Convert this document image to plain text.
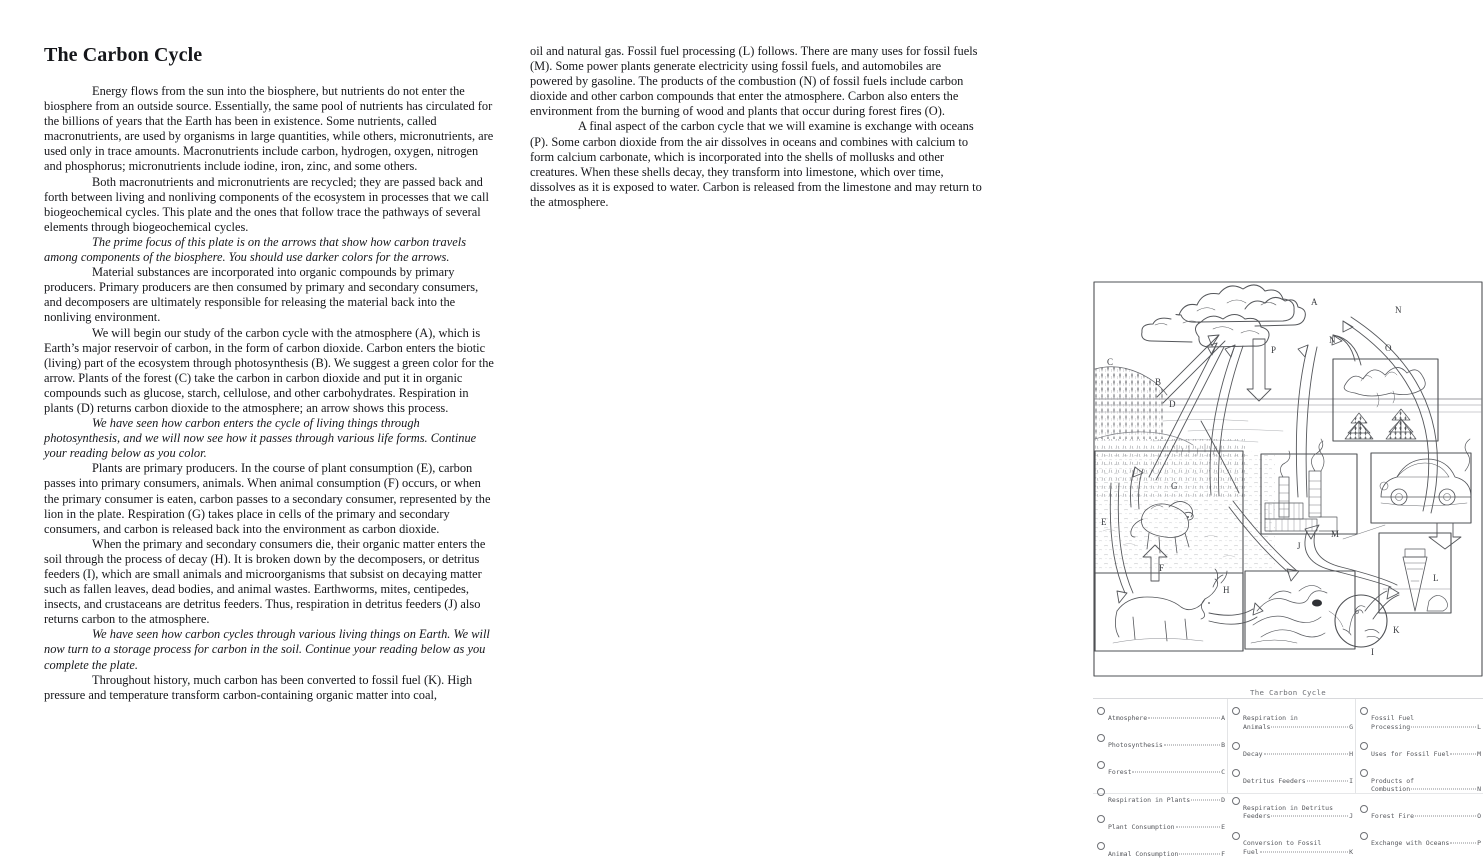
The Carbon Cycle

Energy flows from the sun into the biosphere, but nutrients do not enter the biosphere from an outside source. Essentially, the same pool of nutrients has circulated for the billions of years that the Earth has been in existence. Some nutrients, called macronutrients, are used by organisms in large quantities, while others, micronutrients, are used only in trace amounts. Macronutrients include carbon, hydrogen, oxygen, nitrogen and phosphorus; micronutrients include iodine, iron, zinc, and some others.

Both macronutrients and micronutrients are recycled; they are passed back and forth between living and nonliving components of the ecosystem in processes that we call biogeochemical cycles. This plate and the ones that follow trace the pathways of several elements through biogeochemical cycles.

The prime focus of this plate is on the arrows that show how carbon travels among components of the biosphere. You should use darker colors for the arrows.

Material substances are incorporated into organic compounds by primary producers. Primary producers are then consumed by primary and secondary consumers, and decomposers are ultimately responsible for releasing the material back into the nonliving environment.

We will begin our study of the carbon cycle with the atmosphere (A), which is Earth’s major reservoir of carbon, in the form of carbon dioxide. Carbon enters the biotic (living) part of the ecosystem through photosynthesis (B). We suggest a green color for the arrow. Plants of the forest (C) take the carbon in carbon dioxide and put it in organic compounds such as glucose, starch, cellulose, and other carbohydrates. Respiration in plants (D) returns carbon dioxide to the atmosphere; an arrow shows this process.

We have seen how carbon enters the cycle of living things through photosynthesis, and we will now see how it passes through various life forms. Continue your reading below as you color.

Plants are primary producers. In the course of plant consumption (E), carbon passes into primary consumers, animals. When animal consumption (F) occurs, or when the primary consumer is eaten, carbon passes to a secondary consumer, represented by the lion in the plate. Respiration (G) takes place in cells of the primary and secondary consumers, and carbon is released back into the environment as carbon dioxide.

When the primary and secondary consumers die, their organic matter enters the soil through the process of decay (H). It is broken down by the decomposers, or detritus feeders (I), which are small animals and microorganisms that subsist on decaying matter such as fallen leaves, dead bodies, and animal wastes. Earthworms, mites, centipedes, insects, and crustaceans are detritus feeders. Thus, respiration in detritus feeders (J) also returns carbon to the atmosphere.

We have seen how carbon cycles through various living things on Earth. We will now turn to a storage process for carbon in the soil. Continue your reading below as you complete the plate.

Throughout history, much carbon has been converted to fossil fuel (K). High pressure and temperature transform carbon-containing organic matter into coal,

oil and natural gas. Fossil fuel processing (L) follows. There are many uses for fossil fuels (M). Some power plants generate electricity using fossil fuels, and automobiles are powered by gasoline. The products of the combustion (N) of fossil fuels include carbon dioxide and other carbon compounds that enter the atmosphere. Carbon also enters the environment from the burning of wood and plants that occur during forest fires (O).

A final aspect of the carbon cycle that we will examine is exchange with oceans (P). Some carbon dioxide from the air dissolves in oceans and combines with calcium to form calcium carbonate, which is incorporated into the shells of mollusks and other creatures. When these shells decay, they transform into limestone, which over time, dissolves as it is exposed to water. Carbon is released from the limestone and may return to the atmosphere.

A
B
C
D
E
F
G
H
I
J
K
L
M
N
N
O
P
The Carbon Cycle

Atmosphere	A

Photosynthesis	B

Forest	C

Respiration in Plants	D

Plant Consumption	E

Animal Consumption	F

Respiration in

Animals	G

Decay	H

Detritus Feeders	I

Respiration in Detritus

Feeders	J

Conversion to Fossil

Fuel	K

Fossil Fuel

Processing	L

Uses for Fossil Fuel	M

Products of

Combustion	N

Forest Fire	O

Exchange with Oceans	P
